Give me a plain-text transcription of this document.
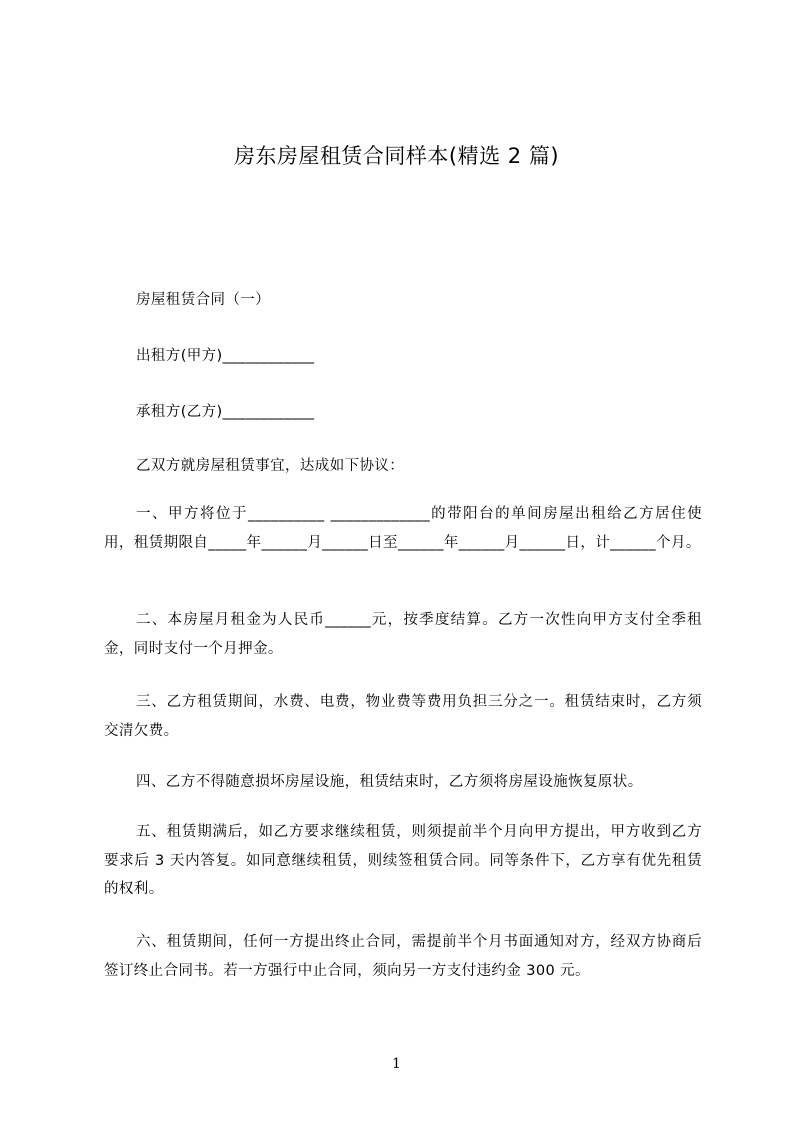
房东房屋租赁合同样本(精选 2 篇)
房屋租赁合同（一）
出租方(甲方)____________
承租方(乙方)____________
乙双方就房屋租赁事宜，达成如下协议：
一、甲方将位于__________ _____________的带阳台的单间房屋出租给乙方居住使用，租赁期限自_____年______月______日至______年______月______日，计______个月。
二、本房屋月租金为人民币______元，按季度结算。乙方一次性向甲方支付全季租金，同时支付一个月押金。
三、乙方租赁期间，水费、电费，物业费等费用负担三分之一。租赁结束时，乙方须交清欠费。
四、乙方不得随意损坏房屋设施，租赁结束时，乙方须将房屋设施恢复原状。
五、租赁期满后，如乙方要求继续租赁，则须提前半个月向甲方提出，甲方收到乙方要求后 3 天内答复。如同意继续租赁，则续签租赁合同。同等条件下，乙方享有优先租赁的权利。
六、租赁期间，任何一方提出终止合同，需提前半个月书面通知对方，经双方协商后签订终止合同书。若一方强行中止合同，须向另一方支付违约金 300 元。
1
